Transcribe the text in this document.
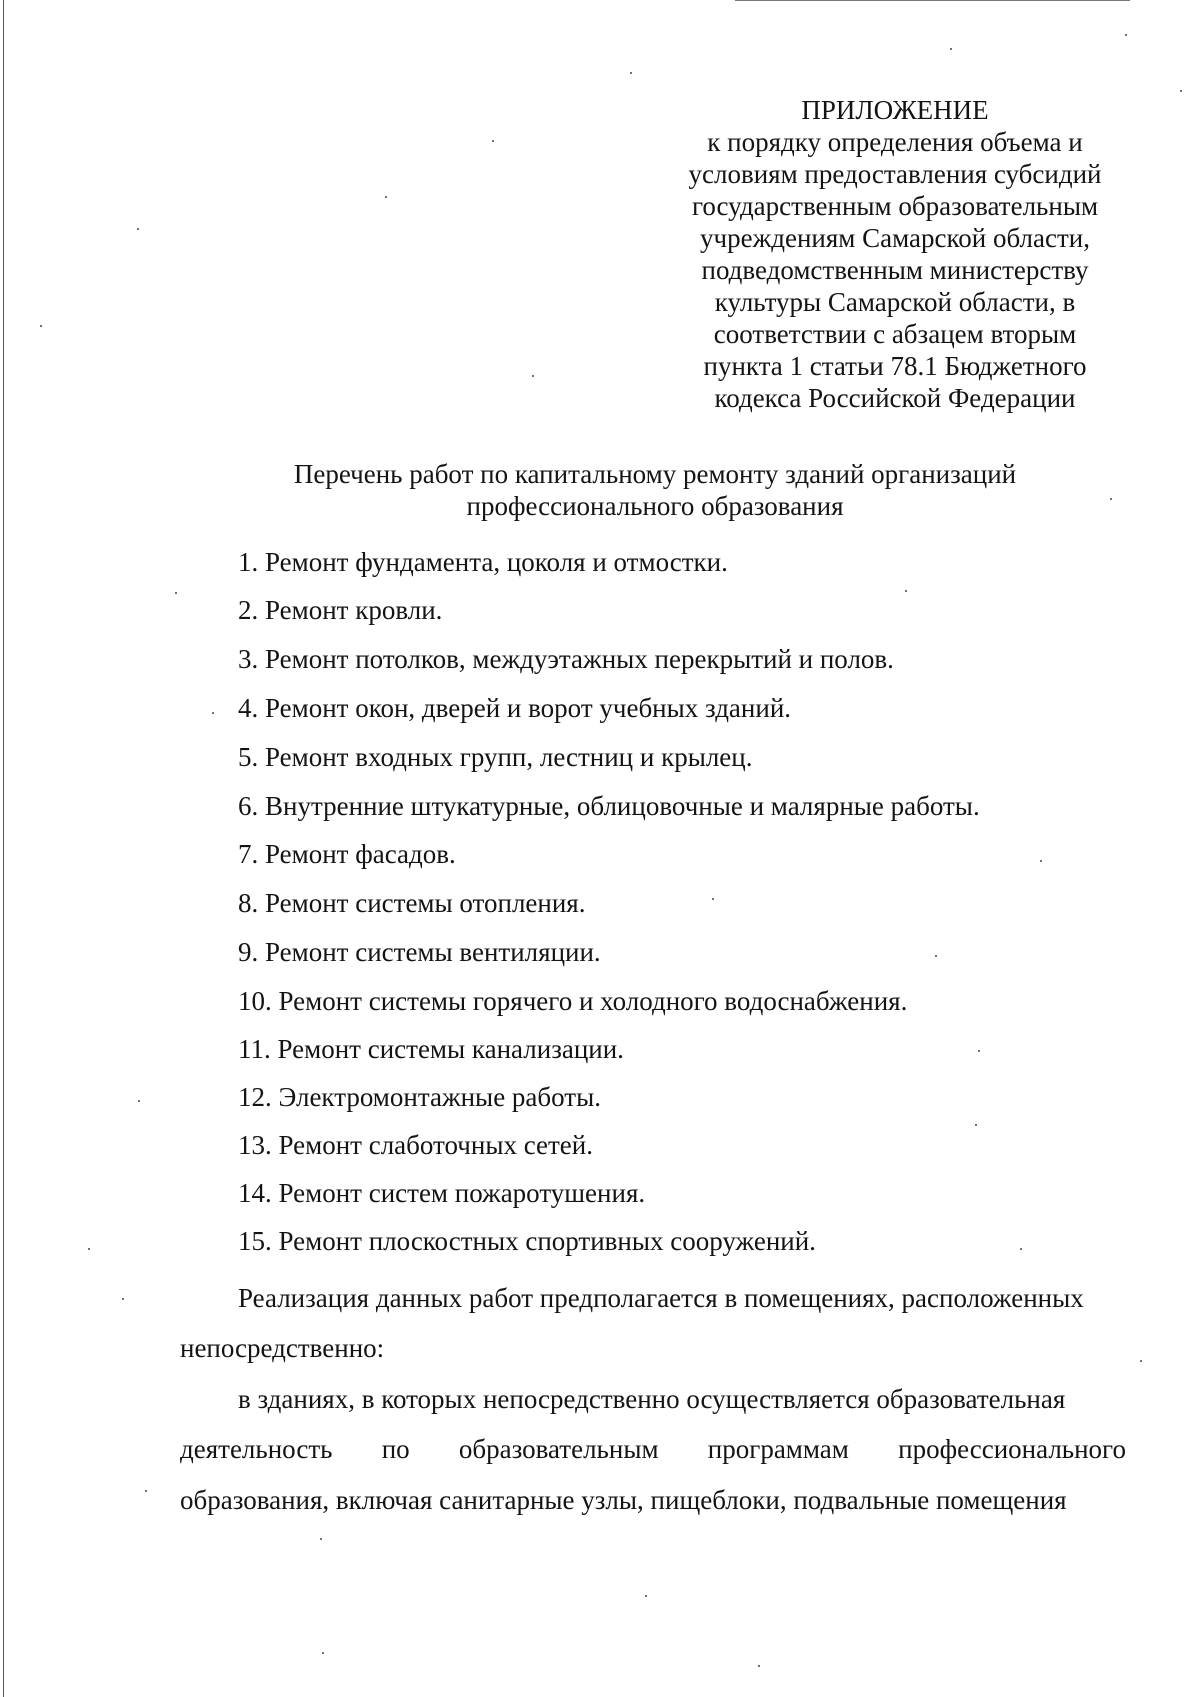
ПРИЛОЖЕНИЕ
к порядку определения объема и
условиям предоставления субсидий
государственным образовательным
учреждениям Самарской области,
подведомственным министерству
культуры Самарской области, в
соответствии с абзацем вторым
пункта 1 статьи 78.1 Бюджетного
кодекса Российской Федерации
Перечень работ по капитальному ремонту зданий организаций
профессионального образования
1. Ремонт фундамента, цоколя и отмостки.
2. Ремонт кровли.
3. Ремонт потолков, междуэтажных перекрытий и полов.
4. Ремонт окон, дверей и ворот учебных зданий.
5. Ремонт входных групп, лестниц и крылец.
6. Внутренние штукатурные, облицовочные и малярные работы.
7. Ремонт фасадов.
8. Ремонт системы отопления.
9. Ремонт системы вентиляции.
10. Ремонт системы горячего и холодного водоснабжения.
11. Ремонт системы канализации.
12. Электромонтажные работы.
13. Ремонт слаботочных сетей.
14. Ремонт систем пожаротушения.
15. Ремонт плоскостных спортивных сооружений.
Реализация данных работ предполагается в помещениях, расположенных
непосредственно:
в зданиях, в которых непосредственно осуществляется образовательная
деятельность по образовательным программам профессионального
образования, включая санитарные узлы, пищеблоки, подвальные помещения
